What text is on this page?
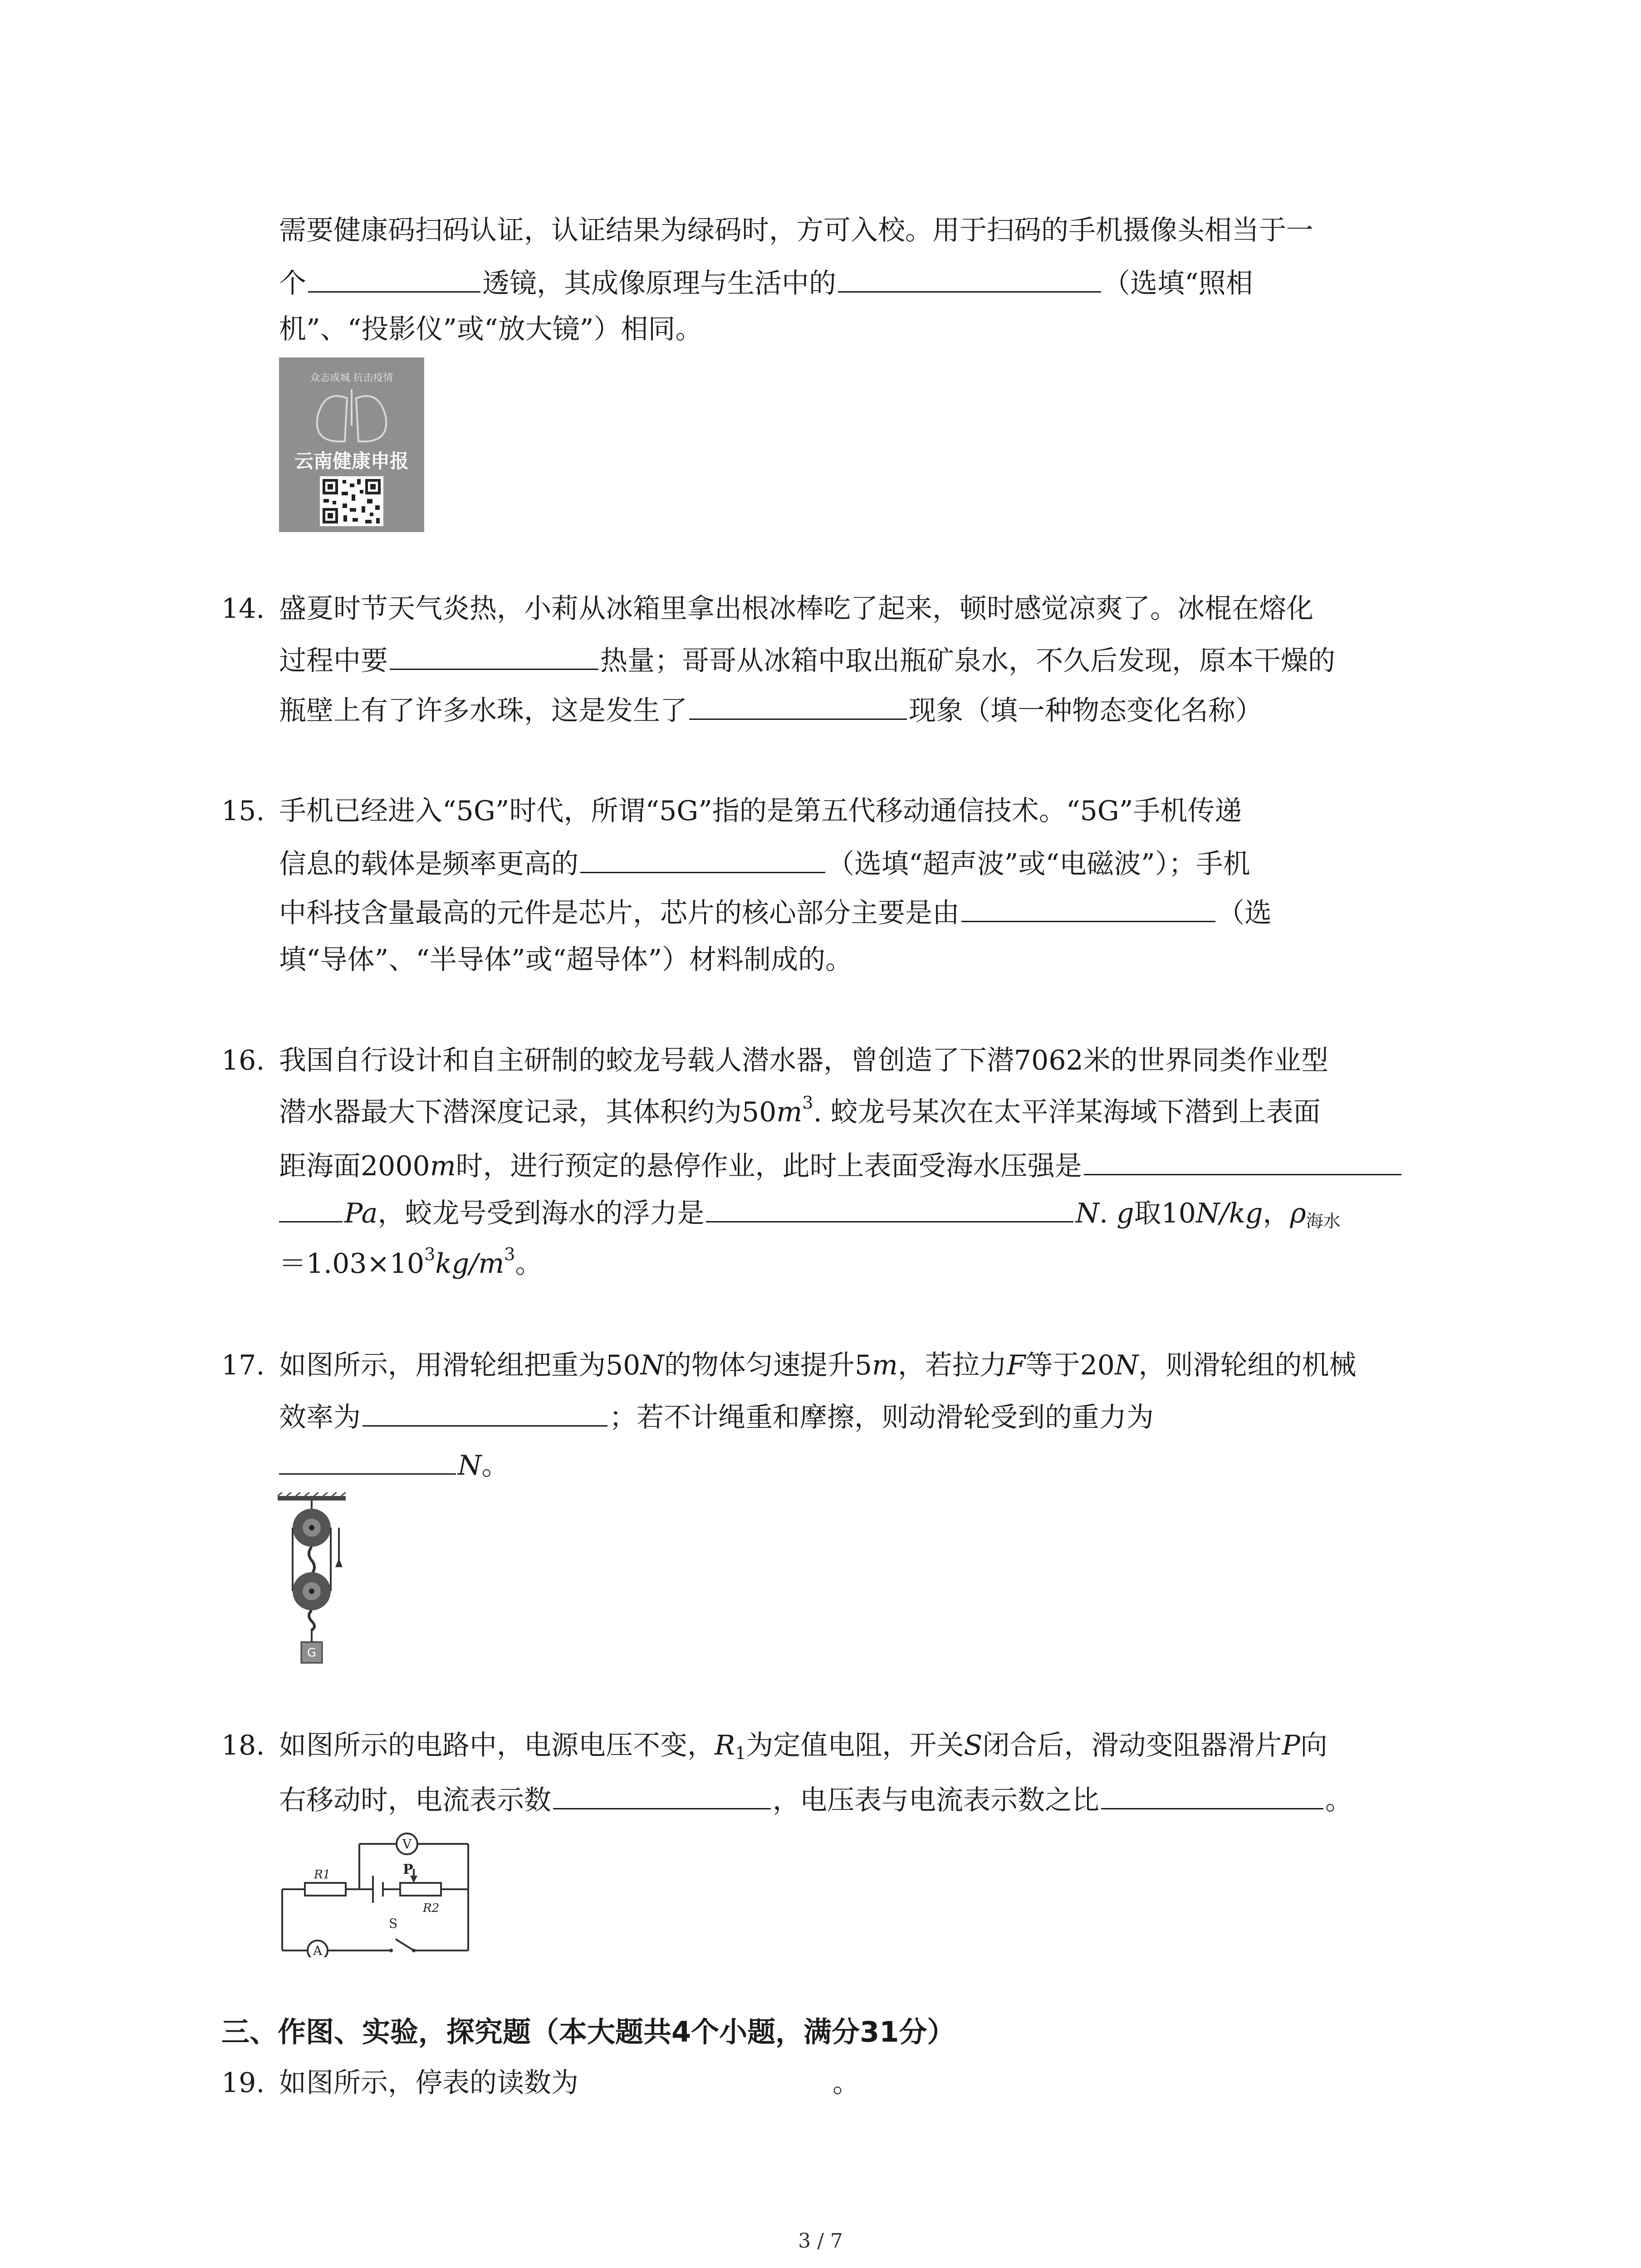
需要健康码扫码认证，认证结果为绿码时，方可入校。用于扫码的手机摄像头相当于一
个	透镜，其成像原理与生活中的	（选填“照相
机”、“投影仪”或“放大镜”）相同。
众志成城 抗击疫情
云南健康申报
14. 盛夏时节天气炎热，小莉从冰箱里拿出根冰棒吃了起来，顿时感觉凉爽了。冰棍在熔化
过程中要	热量；哥哥从冰箱中取出瓶矿泉水，不久后发现，原本干燥的
瓶壁上有了许多水珠，这是发生了	现象（填一种物态变化名称）
15. 手机已经进入“5G”时代，所谓“5G”指的是第五代移动通信技术。“5G”手机传递
信息的载体是频率更高的	（选填“超声波”或“电磁波”）；手机
中科技含量最高的元件是芯片，芯片的核心部分主要是由	（选
填“导体”、“半导体”或“超导体”）材料制成的。
16. 我国自行设计和自主研制的蛟龙号载人潜水器，曾创造了下潜7062米的世界同类作业型
潜水器最大下潜深度记录，其体积约为$50m^3$. 蛟龙号某次在太平洋某海域下潜到上表面
距海面2000m时，进行预定的悬停作业，此时上表面受海水压强是
Pa，蛟龙号受到海水的浮力是	N. g取10N/kg，$\rho_{海水}$
$=1.03\times 10^3kg/m^3$。
17. 如图所示，用滑轮组把重为50N的物体匀速提升5m，若拉力F等于20N，则滑轮组的机械
效率为	；若不计绳重和摩擦，则动滑轮受到的重力为
N。
G
18. 如图所示的电路中，电源电压不变，$R_1$为定值电阻，开关S闭合后，滑动变阻器滑片P向
右移动时，电流表示数	，电压表与电流表示数之比	。
V
A
R1
R2
P
S
三、作图、实验，探究题（本大题共4个小题，满分31分）
19. 如图所示，停表的读数为	。
3 / 7
